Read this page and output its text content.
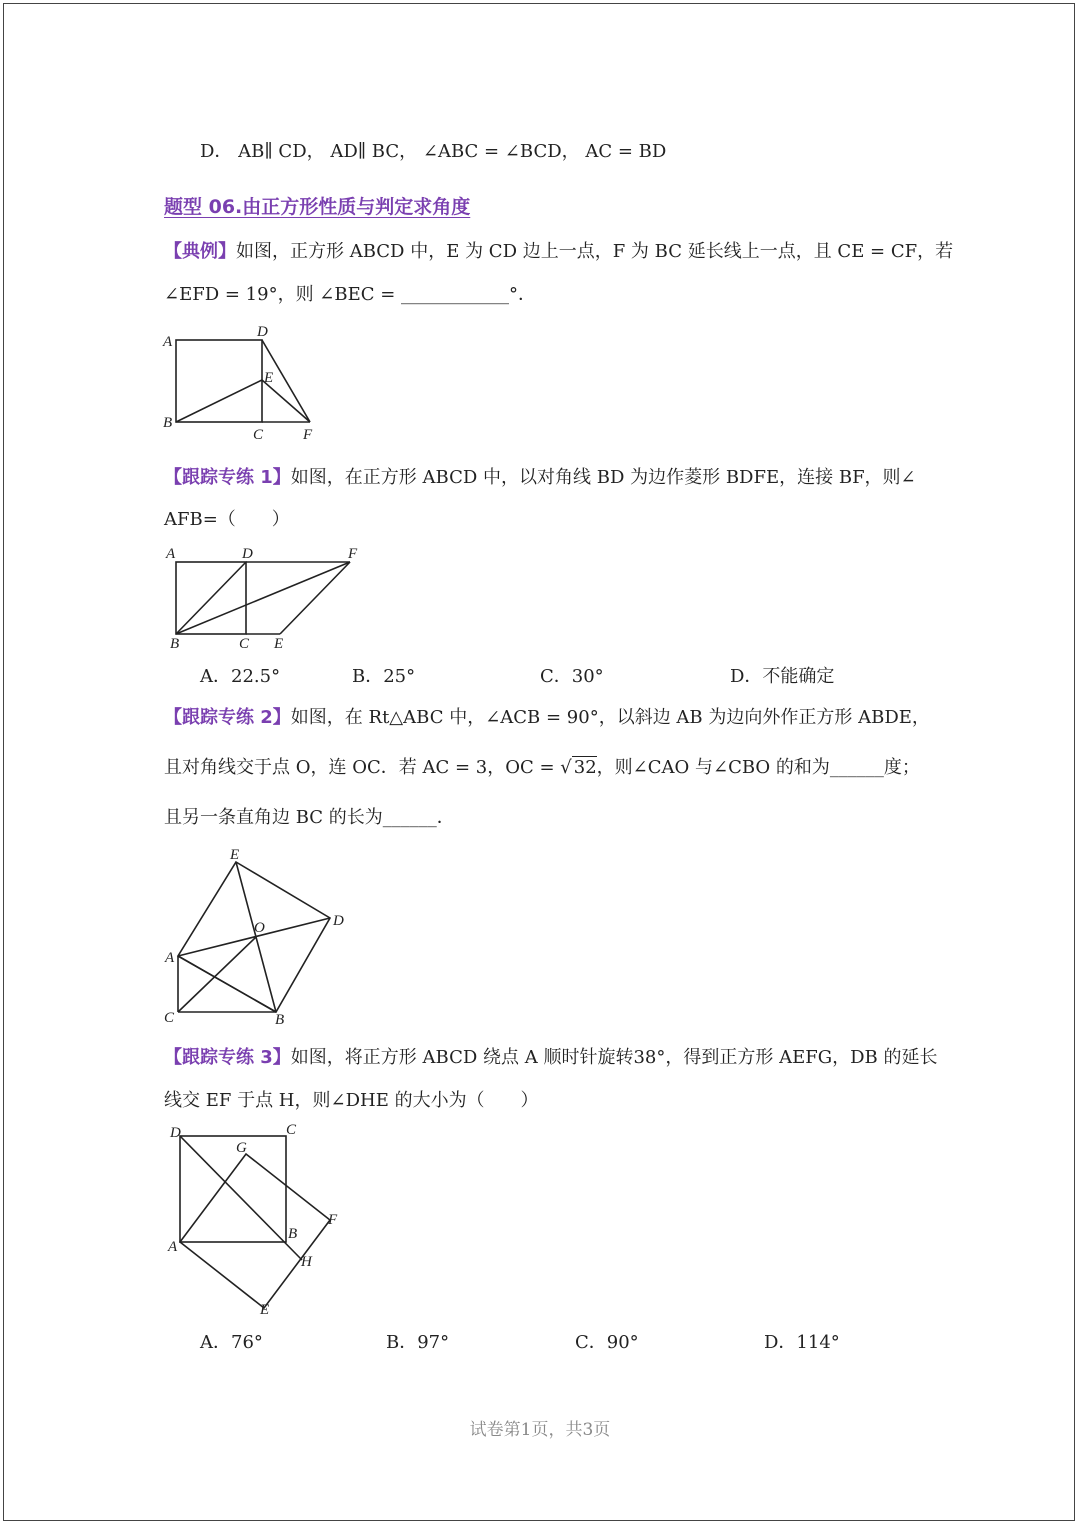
D． AB∥ CD， AD∥ BC， ∠ABC = ∠BCD， AC = BD
题型 06.由正方形性质与判定求角度
【典例】如图，正方形 ABCD 中，E 为 CD 边上一点，F 为 BC 延长线上一点，且 CE = CF，若
∠EFD = 19°，则 ∠BEC = ____________°．
A
D
E
B
C	F
【跟踪专练 1】如图，在正方形 ABCD 中，以对角线 BD 为边作菱形 BDFE，连接 BF，则∠
AFB=（　　）
A	D	F
B	C E
A．22.5°	B．25°	C．30°	D．不能确定
【跟踪专练 2】如图，在 Rt△ABC 中，∠ACB = 90°，以斜边 AB 为边向外作正方形 ABDE，
且对角线交于点 O，连 OC．若 AC = 3，OC = √ 32，则∠CAO 与∠CBO 的和为______度；
且另一条直角边 BC 的长为______．
E
D
O
A
C	B
【跟踪专练 3】如图，将正方形 ABCD 绕点 A 顺时针旋转38°，得到正方形 AEFG，DB 的延长
线交 EF 于点 H，则∠DHE 的大小为（　　）
D	C
G
F
B
A
H
E
A．76°	B．97°	C．90°	D．114°
试卷第1页，共3页
